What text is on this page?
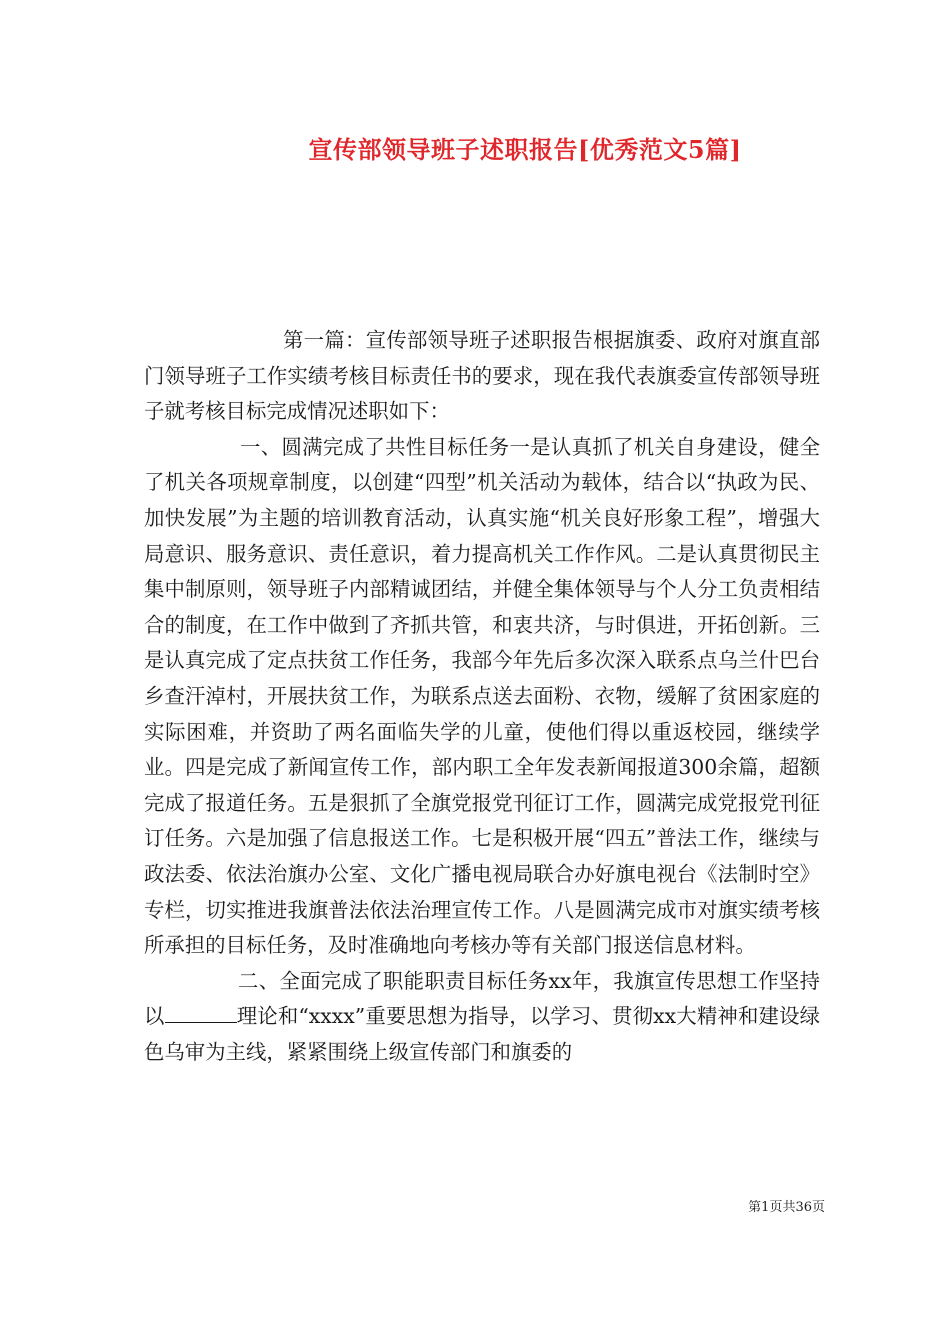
宣传部领导班子述职报告[优秀范文5篇]

第一篇：宣传部领导班子述职报告根据旗委、政府对旗直部门领导班子工作实绩考核目标责任书的要求，现在我代表旗委宣传部领导班子就考核目标完成情况述职如下：

一、圆满完成了共性目标任务一是认真抓了机关自身建设，健全了机关各项规章制度，以创建“四型”机关活动为载体，结合以“执政为民、加快发展”为主题的培训教育活动，认真实施“机关良好形象工程”，增强大局意识、服务意识、责任意识，着力提高机关工作作风。二是认真贯彻民主集中制原则，领导班子内部精诚团结，并健全集体领导与个人分工负责相结合的制度，在工作中做到了齐抓共管，和衷共济，与时俱进，开拓创新。三是认真完成了定点扶贫工作任务，我部今年先后多次深入联系点乌兰什巴台乡查汗淖村，开展扶贫工作，为联系点送去面粉、衣物，缓解了贫困家庭的实际困难，并资助了两名面临失学的儿童，使他们得以重返校园，继续学业。四是完成了新闻宣传工作，部内职工全年发表新闻报道300余篇，超额完成了报道任务。五是狠抓了全旗党报党刊征订工作，圆满完成党报党刊征订任务。六是加强了信息报送工作。七是积极开展“四五”普法工作，继续与政法委、依法治旗办公室、文化广播电视局联合办好旗电视台《法制时空》专栏，切实推进我旗普法依法治理宣传工作。八是圆满完成市对旗实绩考核所承担的目标任务，及时准确地向考核办等有关部门报送信息材料。

二、全面完成了职能职责目标任务xx年，我旗宣传思想工作坚持以	理论和“xxxx”重要思想为指导，以学习、贯彻xx大精神和建设绿色乌审为主线，紧紧围绕上级宣传部门和旗委的

第1页共36页
